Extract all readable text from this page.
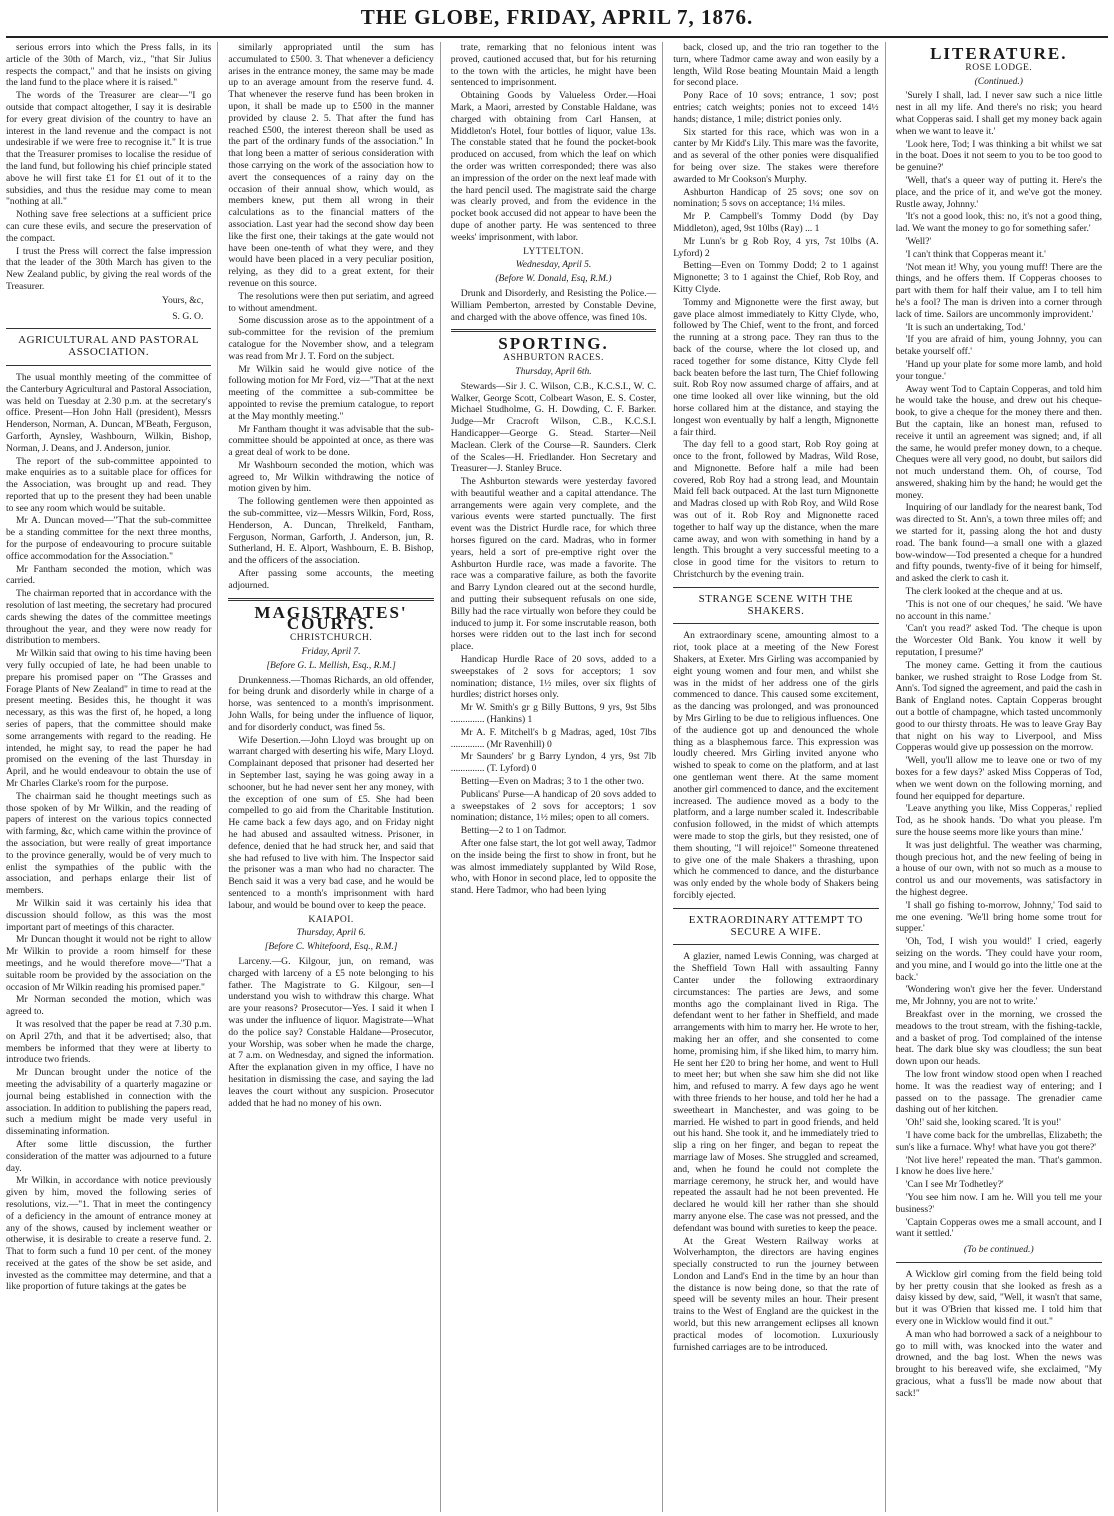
THE GLOBE, FRIDAY, APRIL 7, 1876.

serious errors into which the Press falls, in its article of the 30th of March, viz., "that Sir Julius respects the compact," and that he insists on giving the land fund to the place where it is raised."

The words of the Treasurer are clear—"I go outside that compact altogether, I say it is desirable for every great division of the country to have an interest in the land revenue and the compact is not undesirable if we were free to recognise it." It is true that the Treasurer promises to localise the residue of the land fund, but following his chief principle stated above he will first take £1 for £1 out of it to the subsidies, and thus the residue may come to mean "nothing at all."

Nothing save free selections at a sufficient price can cure these evils, and secure the preservation of the compact.

I trust the Press will correct the false impression that the leader of the 30th March has given to the New Zealand public, by giving the real words of the Treasurer.

Yours, &c,
S. G. O.
AGRICULTURAL AND PASTORAL ASSOCIATION.

The usual monthly meeting of the committee of the Canterbury Agricultural and Pastoral Association, was held on Tuesday at 2.30 p.m. at the secretary's office. Present—Hon John Hall (president), Messrs Henderson, Norman, A. Duncan, M'Beath, Ferguson, Garforth, Aynsley, Washbourn, Wilkin, Bishop, Norman, J. Deans, and J. Anderson, junior.

The report of the sub-committee appointed to make enquiries as to a suitable place for offices for the Association, was brought up and read. They reported that up to the present they had been unable to see any room which would be suitable.

Mr A. Duncan moved—"That the sub-committee be a standing committee for the next three months, for the purpose of endeavouring to procure suitable office accommodation for the Association."

Mr Fantham seconded the motion, which was carried.

The chairman reported that in accordance with the resolution of last meeting, the secretary had procured cards shewing the dates of the committee meetings throughout the year, and they were now ready for distribution to members.

Mr Wilkin said that owing to his time having been very fully occupied of late, he had been unable to prepare his promised paper on "The Grasses and Forage Plants of New Zealand" in time to read at the present meeting. Besides this, he thought it was necessary, as this was the first of, he hoped, a long series of papers, that the committee should make some arrangements with regard to the reading. He intended, he might say, to read the paper he had promised on the evening of the last Thursday in April, and he would endeavour to obtain the use of Mr Charles Clarke's room for the purpose.

The chairman said he thought meetings such as those spoken of by Mr Wilkin, and the reading of papers of interest on the various topics connected with farming, &c, which came within the province of the association, but were really of great importance to the province generally, would be of very much to enlist the sympathies of the public with the association, and perhaps enlarge their list of members.

Mr Wilkin said it was certainly his idea that discussion should follow, as this was the most important part of meetings of this character.

Mr Duncan thought it would not be right to allow Mr Wilkin to provide a room himself for these meetings, and he would therefore move—"That a suitable room be provided by the association on the occasion of Mr Wilkin reading his promised paper."

Mr Norman seconded the motion, which was agreed to.

It was resolved that the paper be read at 7.30 p.m. on April 27th, and that it be advertised; also, that members be informed that they were at liberty to introduce two friends.

Mr Duncan brought under the notice of the meeting the advisability of a quarterly magazine or journal being established in connection with the association. In addition to publishing the papers read, such a medium might be made very useful in disseminating information.

After some little discussion, the further consideration of the matter was adjourned to a future day.

Mr Wilkin, in accordance with notice previously given by him, moved the following series of resolutions, viz.—"1. That in meet the contingency of a deficiency in the amount of entrance money at any of the shows, caused by inclement weather or otherwise, it is desirable to create a reserve fund. 2. That to form such a fund 10 per cent. of the money received at the gates of the show be set aside, and invested as the committee may determine, and that a like proportion of future takings at the gates be

similarly appropriated until the sum has accumulated to £500. 3. That whenever a deficiency arises in the entrance money, the same may be made up to an average amount from the reserve fund. 4. That whenever the reserve fund has been broken in upon, it shall be made up to £500 in the manner provided by clause 2. 5. That after the fund has reached £500, the interest thereon shall be used as the part of the ordinary funds of the association." In that long been a matter of serious consideration with those carrying on the work of the association how to avert the consequences of a rainy day on the occasion of their annual show, which would, as members knew, put them all wrong in their calculations as to the financial matters of the association. Last year had the second show day been like the first one, their takings at the gate would not have been one-tenth of what they were, and they would have been placed in a very peculiar position, relying, as they did to a great extent, for their revenue on this source.

The resolutions were then put seriatim, and agreed to without amendment.

Some discussion arose as to the appointment of a sub-committee for the revision of the premium catalogue for the November show, and a telegram was read from Mr J. T. Ford on the subject.

Mr Wilkin said he would give notice of the following motion for Mr Ford, viz—"That at the next meeting of the committee a sub-committee be appointed to revise the premium catalogue, to report at the May monthly meeting."

Mr Fantham thought it was advisable that the sub-committee should be appointed at once, as there was a great deal of work to be done.

Mr Washbourn seconded the motion, which was agreed to, Mr Wilkin withdrawing the notice of motion given by him.

The following gentlemen were then appointed as the sub-committee, viz—Messrs Wilkin, Ford, Ross, Henderson, A. Duncan, Threlkeld, Fantham, Ferguson, Norman, Garforth, J. Anderson, jun, R. Sutherland, H. E. Alport, Washbourn, E. B. Bishop, and the officers of the association.

After passing some accounts, the meeting adjourned.

MAGISTRATES' COURTS.
CHRISTCHURCH.
Friday, April 7.
[Before G. L. Mellish, Esq., R.M.]

Drunkenness.—Thomas Richards, an old offender, for being drunk and disorderly while in charge of a horse, was sentenced to a month's imprisonment. John Walls, for being under the influence of liquor, and for disorderly conduct, was fined 5s.

Wife Desertion.—John Lloyd was brought up on warrant charged with deserting his wife, Mary Lloyd. Complainant deposed that prisoner had deserted her in September last, saying he was going away in a schooner, but he had never sent her any money, with the exception of one sum of £5. She had been compelled to go aid from the Charitable Institution. He came back a few days ago, and on Friday night he had abused and assaulted witness. Prisoner, in defence, denied that he had struck her, and said that she had refused to live with him. The Inspector said the prisoner was a man who had no character. The Bench said it was a very bad case, and he would be sentenced to a month's imprisonment with hard labour, and would be bound over to keep the peace.

KAIAPOI.
Thursday, April 6.
[Before C. Whitefoord, Esq., R.M.]

Larceny.—G. Kilgour, jun, on remand, was charged with larceny of a £5 note belonging to his father. The Magistrate to G. Kilgour, sen—I understand you wish to withdraw this charge. What are your reasons? Prosecutor—Yes. I said it when I was under the influence of liquor. Magistrate—What do the police say? Constable Haldane—Prosecutor, your Worship, was sober when he made the charge, at 7 a.m. on Wednesday, and signed the information. After the explanation given in my office, I have no hesitation in dismissing the case, and saying the lad leaves the court without any suspicion. Prosecutor added that he had no money of his own.

trate, remarking that no felonious intent was proved, cautioned accused that, but for his returning to the town with the articles, he might have been sentenced to imprisonment.

Obtaining Goods by Valueless Order.—Hoai Mark, a Maori, arrested by Constable Haldane, was charged with obtaining from Carl Hansen, at Middleton's Hotel, four bottles of liquor, value 13s. The constable stated that he found the pocket-book produced on accused, from which the leaf on which the order was written corresponded; there was also an impression of the order on the next leaf made with the hard pencil used. The magistrate said the charge was clearly proved, and from the evidence in the pocket book accused did not appear to have been the dupe of another party. He was sentenced to three weeks' imprisonment, with labor.

LYTTELTON.
Wednesday, April 5.
(Before W. Donald, Esq, R.M.)

Drunk and Disorderly, and Resisting the Police.—William Pemberton, arrested by Constable Devine, and charged with the above offence, was fined 10s.

SPORTING.
ASHBURTON RACES.
Thursday, April 6th.

Stewards—Sir J. C. Wilson, C.B., K.C.S.I., W. C. Walker, George Scott, Colbeart Wason, E. S. Coster, Michael Studholme, G. H. Dowding, C. F. Barker. Judge—Mr Cracroft Wilson, C.B., K.C.S.I. Handicapper—George G. Stead. Starter—Neil Maclean. Clerk of the Course—R. Saunders. Clerk of the Scales—H. Friedlander. Hon Secretary and Treasurer—J. Stanley Bruce.

The Ashburton stewards were yesterday favored with beautiful weather and a capital attendance. The arrangements were again very complete, and the various events were started punctually. The first event was the District Hurdle race, for which three horses figured on the card. Madras, who in former years, held a sort of pre-emptive right over the Ashburton Hurdle race, was made a favorite. The race was a comparative failure, as both the favorite and Barry Lyndon cleared out at the second hurdle, and putting their subsequent refusals on one side, Billy had the race virtually won before they could be induced to jump it. For some inscrutable reason, both horses were ridden out to the last inch for second place.

Handicap Hurdle Race of 20 sovs, added to a sweepstakes of 2 sovs for acceptors; 1 sov nomination; distance, 1½ miles, over six flights of hurdles; district horses only.

Mr W. Smith's gr g Billy Buttons, 9 yrs, 9st 5lbs .............. (Hankins) 1

Mr A. F. Mitchell's b g Madras, aged, 10st 7lbs .............. (Mr Ravenhill) 0

Mr Saunders' br g Barry Lyndon, 4 yrs, 9st 7lb .............. (T. Lyford) 0

Betting—Even on Madras; 3 to 1 the other two.

Publicans' Purse—A handicap of 20 sovs added to a sweepstakes of 2 sovs for acceptors; 1 sov nomination; distance, 1½ miles; open to all comers.

Betting—2 to 1 on Tadmor.

After one false start, the lot got well away, Tadmor on the inside being the first to show in front, but he was almost immediately supplanted by Wild Rose, who, with Honor in second place, led to opposite the stand. Here Tadmor, who had been lying

back, closed up, and the trio ran together to the turn, where Tadmor came away and won easily by a length, Wild Rose beating Mountain Maid a length for second place.

Pony Race of 10 sovs; entrance, 1 sov; post entries; catch weights; ponies not to exceed 14½ hands; distance, 1 mile; district ponies only.

Six started for this race, which was won in a canter by Mr Kidd's Lily. This mare was the favorite, and as several of the other ponies were disqualified for being over size. The stakes were therefore awarded to Mr Cookson's Murphy.

Ashburton Handicap of 25 sovs; one sov on nomination; 5 sovs on acceptance; 1¼ miles.

Mr P. Campbell's Tommy Dodd (by Day Middleton), aged, 9st 10lbs (Ray) ... 1

Mr Lunn's br g Rob Roy, 4 yrs, 7st 10lbs (A. Lyford) 2

Betting—Even on Tommy Dodd; 2 to 1 against Mignonette; 3 to 1 against the Chief, Rob Roy, and Kitty Clyde.

Tommy and Mignonette were the first away, but gave place almost immediately to Kitty Clyde, who, followed by The Chief, went to the front, and forced the running at a strong pace. They ran thus to the back of the course, where the lot closed up, and raced together for some distance, Kitty Clyde fell back beaten before the last turn, The Chief following suit. Rob Roy now assumed charge of affairs, and at one time looked all over like winning, but the old horse collared him at the distance, and staying the longest won eventually by half a length, Mignonette a fair third.

The day fell to a good start, Rob Roy going at once to the front, followed by Madras, Wild Rose, and Mignonette. Before half a mile had been covered, Rob Roy had a strong lead, and Mountain Maid fell back outpaced. At the last turn Mignonette and Madras closed up with Rob Roy, and Wild Rose was out of it. Rob Roy and Mignonette raced together to half way up the distance, when the mare came away, and won with something in hand by a length. This brought a very successful meeting to a close in good time for the visitors to return to Christchurch by the evening train.

STRANGE SCENE WITH THE SHAKERS.

An extraordinary scene, amounting almost to a riot, took place at a meeting of the New Forest Shakers, at Exeter. Mrs Girling was accompanied by eight young women and four men, and whilst she was in the midst of her address one of the girls commenced to dance. This caused some excitement, as the dancing was prolonged, and was pronounced by Mrs Girling to be due to religious influences. One of the audience got up and denounced the whole thing as a blasphemous farce. This expression was loudly cheered. Mrs Girling invited anyone who wished to speak to come on the platform, and at last one gentleman went there. At the same moment another girl commenced to dance, and the excitement increased. The audience moved as a body to the platform, and a large number scaled it. Indescribable confusion followed, in the midst of which attempts were made to stop the girls, but they resisted, one of them shouting, "I will rejoice!" Someone threatened to give one of the male Shakers a thrashing, upon which he commenced to dance, and the disturbance was only ended by the whole body of Shakers being forcibly ejected.

EXTRAORDINARY ATTEMPT TO SECURE A WIFE.

A glazier, named Lewis Conning, was charged at the Sheffield Town Hall with assaulting Fanny Canter under the following extraordinary circumstances: The parties are Jews, and some months ago the complainant lived in Riga. The defendant went to her father in Sheffield, and made arrangements with him to marry her. He wrote to her, making her an offer, and she consented to come home, promising him, if she liked him, to marry him. He sent her £20 to bring her home, and went to Hull to meet her; but when she saw him she did not like him, and refused to marry. A few days ago he went with three friends to her house, and told her he had a sweetheart in Manchester, and was going to be married. He wished to part in good friends, and held out his hand. She took it, and he immediately tried to slip a ring on her finger, and began to repeat the marriage law of Moses. She struggled and screamed, and, when he found he could not complete the marriage ceremony, he struck her, and would have repeated the assault had he not been prevented. He declared he would kill her rather than she should marry anyone else. The case was not pressed, and the defendant was bound with sureties to keep the peace.

At the Great Western Railway works at Wolverhampton, the directors are having engines specially constructed to run the journey between London and Land's End in the time by an hour than the distance is now being done, so that the rate of speed will be seventy miles an hour. Their present trains to the West of England are the quickest in the world, but this new arrangement eclipses all known practical modes of locomotion. Luxuriously furnished carriages are to be introduced.

LITERATURE.
ROSE LODGE.
(Continued.)

'Surely I shall, lad. I never saw such a nice little nest in all my life. And there's no risk; you heard what Copperas said. I shall get my money back again when we want to leave it.'

'Look here, Tod; I was thinking a bit whilst we sat in the boat. Does it not seem to you to be too good to be genuine?'

'Well, that's a queer way of putting it. Here's the place, and the price of it, and we've got the money. Rustle away, Johnny.'

'It's not a good look, this: no, it's not a good thing, lad. We want the money to go for something safer.'

'Well?'

'I can't think that Copperas meant it.'

'Not mean it! Why, you young muff! There are the things, and he offers them. If Copperas chooses to part with them for half their value, am I to tell him he's a fool? The man is driven into a corner through lack of time. Sailors are uncommonly improvident.'

'It is such an undertaking, Tod.'

'If you are afraid of him, young Johnny, you can betake yourself off.'

'Hand up your plate for some more lamb, and hold your tongue.'

Away went Tod to Captain Copperas, and told him he would take the house, and drew out his cheque-book, to give a cheque for the money there and then. But the captain, like an honest man, refused to receive it until an agreement was signed; and, if all the same, he would prefer money down, to a cheque. Cheques were all very good, no doubt, but sailors did not much understand them. Oh, of course, Tod answered, shaking him by the hand; he would get the money.

Inquiring of our landlady for the nearest bank, Tod was directed to St. Ann's, a town three miles off; and we started for it, passing along the hot and dusty road. The bank found—a small one with a glazed bow-window—Tod presented a cheque for a hundred and fifty pounds, twenty-five of it being for himself, and asked the clerk to cash it.

The clerk looked at the cheque and at us.

'This is not one of our cheques,' he said. 'We have no account in this name.'

'Can't you read?' asked Tod. 'The cheque is upon the Worcester Old Bank. You know it well by reputation, I presume?'

The money came. Getting it from the cautious banker, we rushed straight to Rose Lodge from St. Ann's. Tod signed the agreement, and paid the cash in Bank of England notes. Captain Copperas brought out a bottle of champagne, which tasted uncommonly good to our thirsty throats. He was to leave Gray Bay that night on his way to Liverpool, and Miss Copperas would give up possession on the morrow.

'Well, you'll allow me to leave one or two of my boxes for a few days?' asked Miss Copperas of Tod, when we went down on the following morning, and found her equipped for departure.

'Leave anything you like, Miss Copperas,' replied Tod, as he shook hands. 'Do what you please. I'm sure the house seems more like yours than mine.'

It was just delightful. The weather was charming, though precious hot, and the new feeling of being in a house of our own, with not so much as a mouse to control us and our movements, was satisfactory in the highest degree.

'I shall go fishing to-morrow, Johnny,' Tod said to me one evening. 'We'll bring home some trout for supper.'

'Oh, Tod, I wish you would!' I cried, eagerly seizing on the words. 'They could have your room, and you mine, and I would go into the little one at the back.'

'Wondering won't give her the fever. Understand me, Mr Johnny, you are not to write.'

Breakfast over in the morning, we crossed the meadows to the trout stream, with the fishing-tackle, and a basket of prog. Tod complained of the intense heat. The dark blue sky was cloudless; the sun beat down upon our heads.

The low front window stood open when I reached home. It was the readiest way of entering; and I passed on to the passage. The grenadier came dashing out of her kitchen.

'Oh!' said she, looking scared. 'It is you!'

'I have come back for the umbrellas, Elizabeth; the sun's like a furnace. Why! what have you got there?'

'Not live here!' repeated the man. 'That's gammon. I know he does live here.'

'Can I see Mr Todhetley?'

'You see him now. I am he. Will you tell me your business?'

'Captain Copperas owes me a small account, and I want it settled.'

(To be continued.)

A Wicklow girl coming from the field being told by her pretty cousin that she looked as fresh as a daisy kissed by dew, said, "Well, it wasn't that same, but it was O'Brien that kissed me. I told him that every one in Wicklow would find it out."

A man who had borrowed a sack of a neighbour to go to mill with, was knocked into the water and drowned, and the bag lost. When the news was brought to his bereaved wife, she exclaimed, "My gracious, what a fuss'll be made now about that sack!"
